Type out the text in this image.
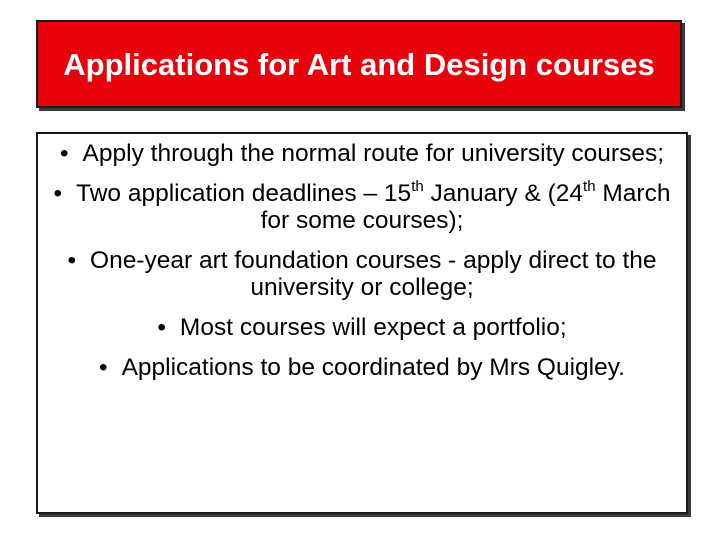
Applications for Art and Design courses
• Apply through the normal route for university courses;
• Two application deadlines – 15th January & (24th March for some courses);
• One-year art foundation courses - apply direct to the university or college;
• Most courses will expect a portfolio;
• Applications to be coordinated by Mrs Quigley.
